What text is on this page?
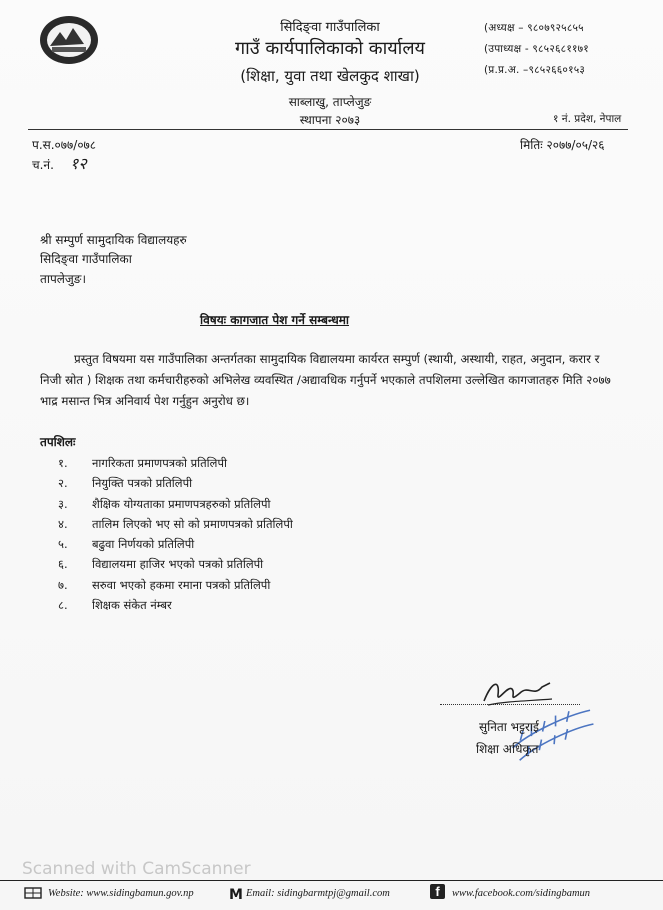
सिदिङ्वा गाउँपालिका
गाउँ कार्यपालिकाको कार्यालय
(शिक्षा, युवा तथा खेलकुद शाखा)
साब्लाखु, ताप्लेजुङ
स्थापना २०७३
(अध्यक्ष – ९८०७९२५८५५
(उपाध्यक्ष - ९८५२६८११७१
(प्र.प्र.अ. –९८५२६६०१५३
१ नं. प्रदेश, नेपाल
प.स.०७७/०७८	मितिः २०७७/०५/२६
च.नं. १२
श्री सम्पुर्ण सामुदायिक विद्यालयहरु
सिदिङ्वा गाउँपालिका
तापलेजुङ।
विषयः कागजात पेश गर्ने सम्बन्धमा
प्रस्तुत विषयमा यस गाउँपालिका अन्तर्गतका सामुदायिक विद्यालयमा कार्यरत सम्पुर्ण (स्थायी, अस्थायी, राहत, अनुदान, करार र निजी स्रोत ) शिक्षक तथा कर्मचारीहरुको अभिलेख व्यवस्थित /अद्यावधिक गर्नुपर्ने भएकाले तपशिलमा उल्लेखित कागजातहरु मिति २०७७ भाद्र मसान्त भित्र अनिवार्य पेश गर्नुहुन अनुरोध छ।
तपशिलः
१. नागरिकता प्रमाणपत्रको प्रतिलिपी
२. नियुक्ति पत्रको प्रतिलिपी
३. शैक्षिक योग्यताका प्रमाणपत्रहरुको प्रतिलिपी
४. तालिम लिएको भए सो को प्रमाणपत्रको प्रतिलिपी
५. बढुवा निर्णयको प्रतिलिपी
६. विद्यालयमा हाजिर भएको पत्रको प्रतिलिपी
७. सरुवा भएको हकमा रमाना पत्रको प्रतिलिपी
८. शिक्षक संकेत नंम्बर
सुनिता भट्टराई
शिक्षा अधिकृत
Scanned with CamScanner
Website: www.sidingbamun.gov.np	M Email: sidingbarmtpj@gmail.com	f	www.facebook.com/sidingbamun
